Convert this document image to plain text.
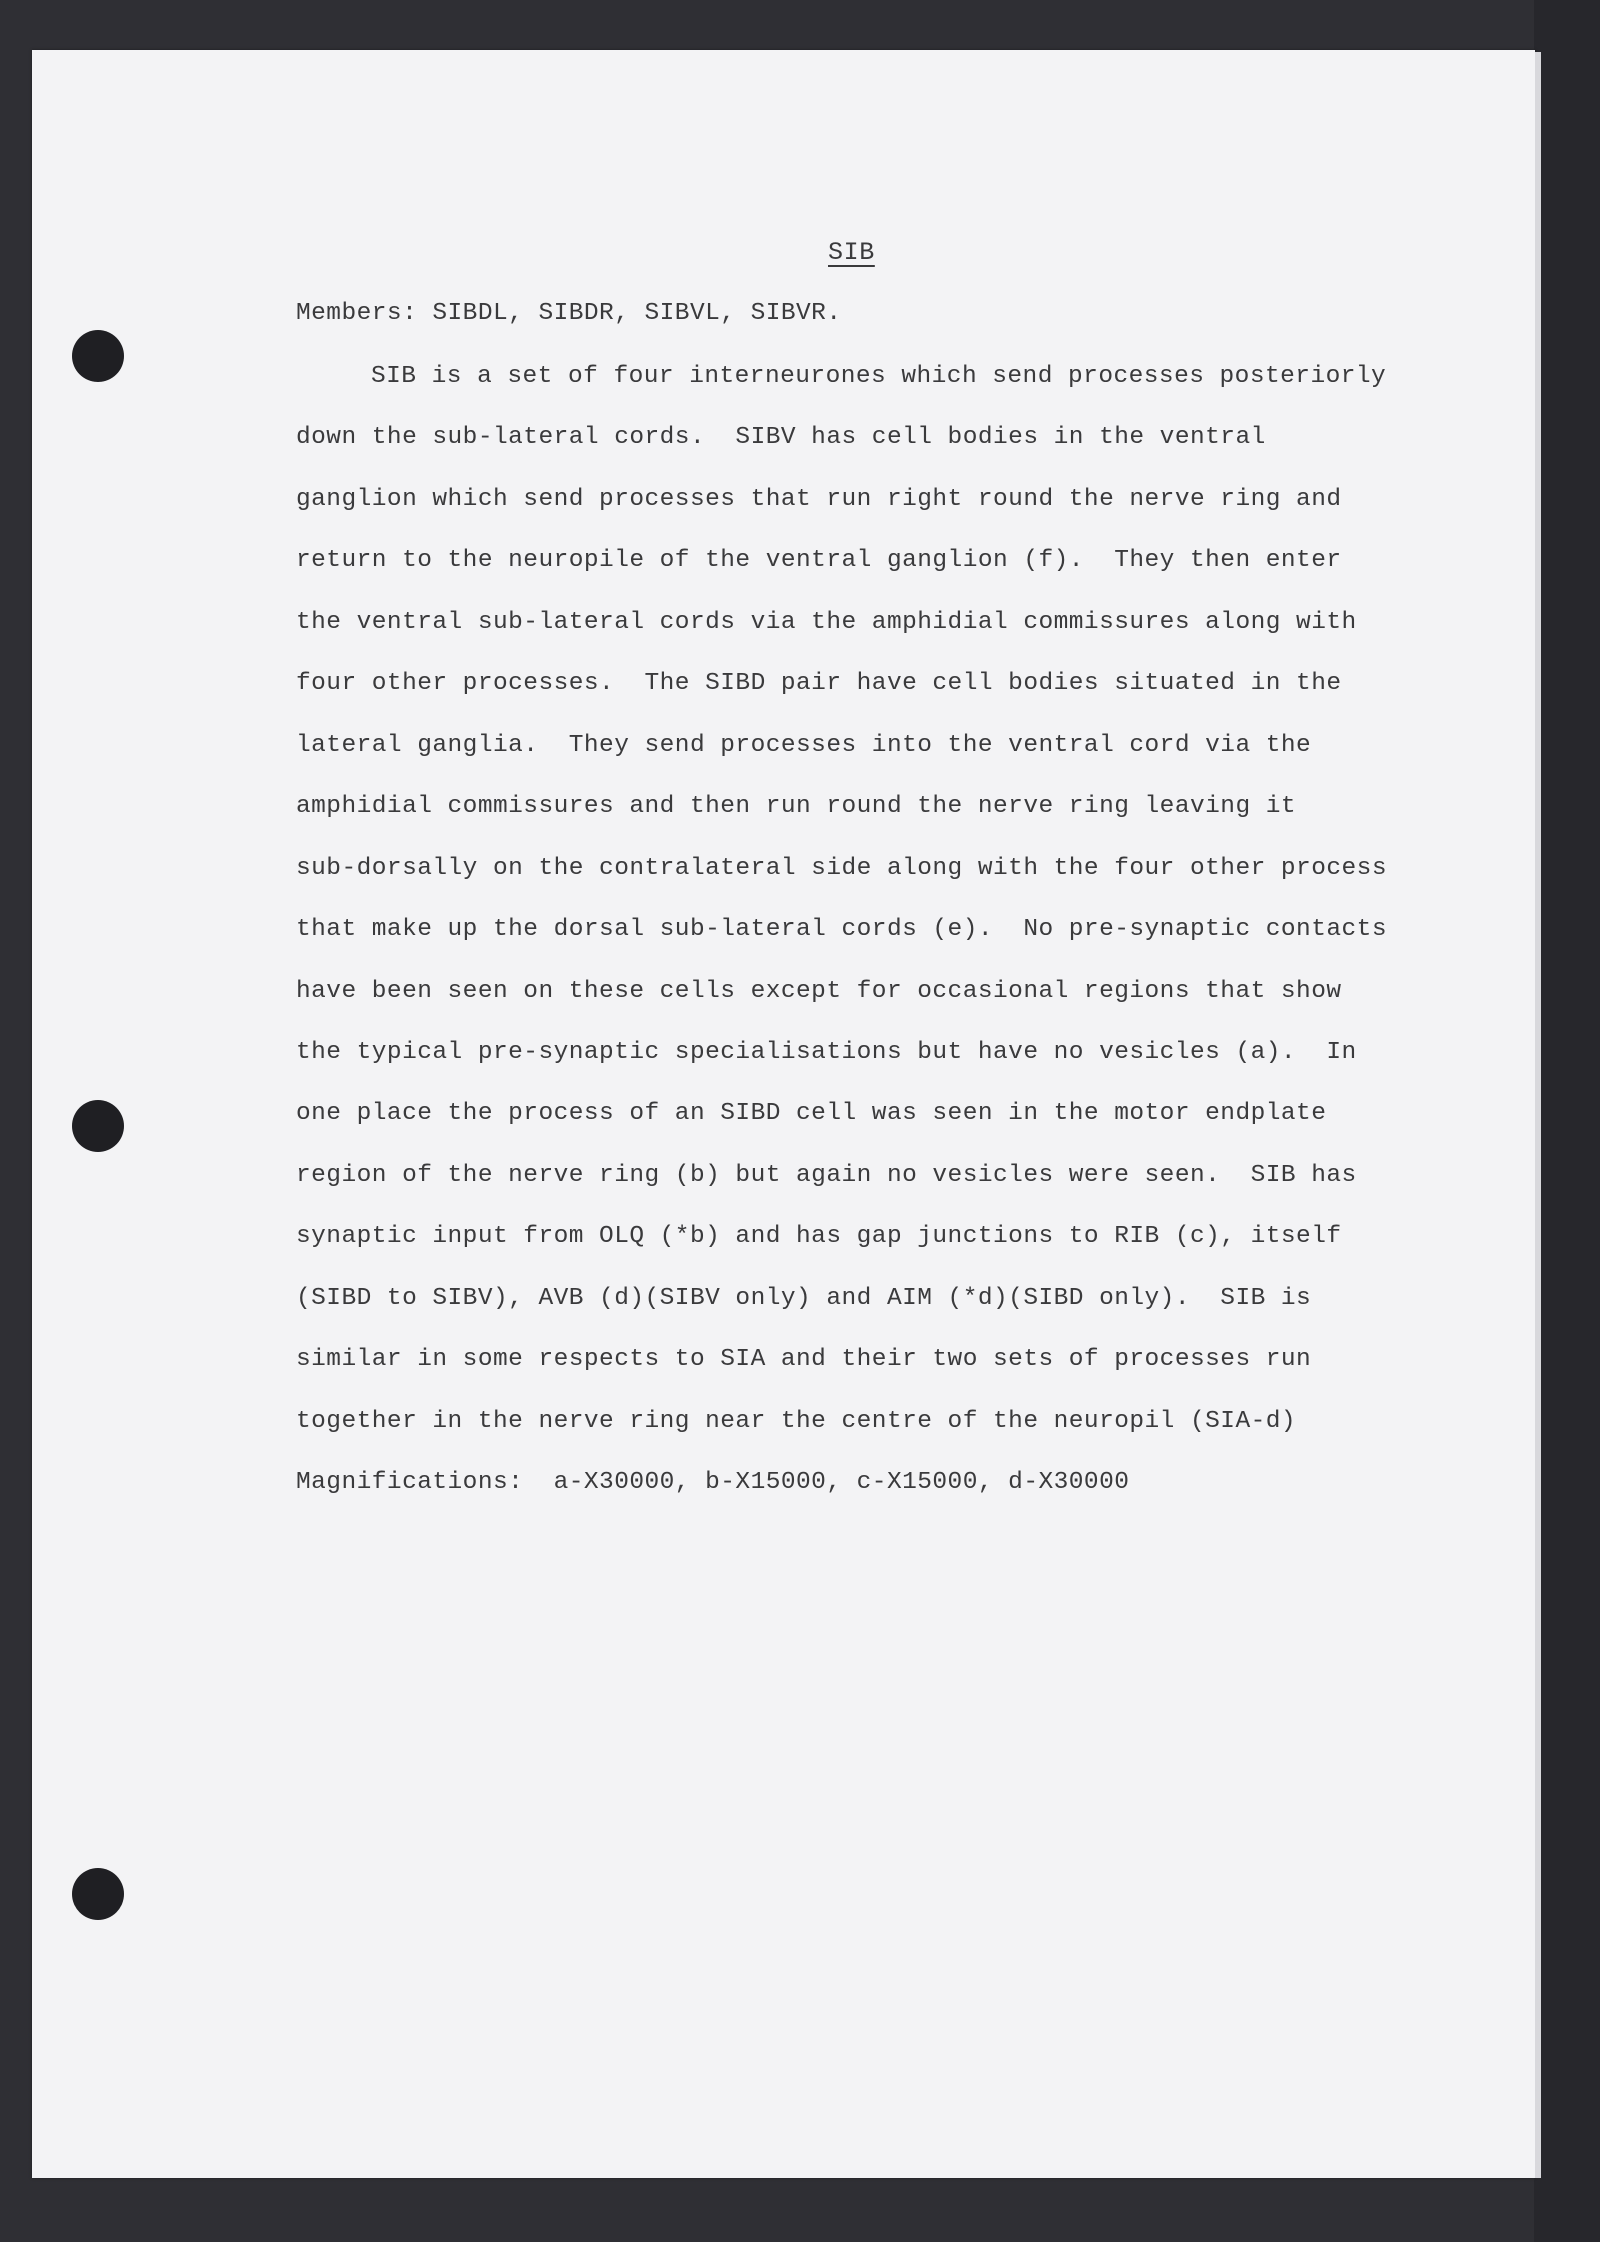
SIB
Members: SIBDL, SIBDR, SIBVL, SIBVR.
SIB is a set of four interneurones which send processes posteriorly
down the sub-lateral cords.  SIBV has cell bodies in the ventral
ganglion which send processes that run right round the nerve ring and
return to the neuropile of the ventral ganglion (f).  They then enter
the ventral sub-lateral cords via the amphidial commissures along with
four other processes.  The SIBD pair have cell bodies situated in the
lateral ganglia.  They send processes into the ventral cord via the
amphidial commissures and then run round the nerve ring leaving it
sub-dorsally on the contralateral side along with the four other process
that make up the dorsal sub-lateral cords (e).  No pre-synaptic contacts
have been seen on these cells except for occasional regions that show
the typical pre-synaptic specialisations but have no vesicles (a).  In
one place the process of an SIBD cell was seen in the motor endplate
region of the nerve ring (b) but again no vesicles were seen.  SIB has
synaptic input from OLQ (*b) and has gap junctions to RIB (c), itself
(SIBD to SIBV), AVB (d)(SIBV only) and AIM (*d)(SIBD only).  SIB is
similar in some respects to SIA and their two sets of processes run
together in the nerve ring near the centre of the neuropil (SIA-d)
Magnifications:  a-X30000, b-X15000, c-X15000, d-X30000
